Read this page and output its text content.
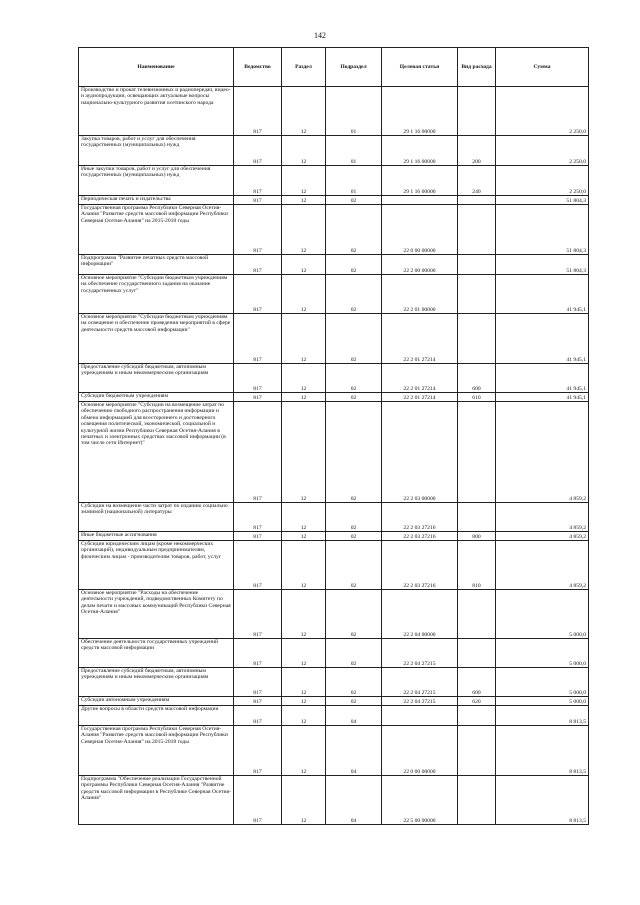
142
Наименование	Ведомство	Раздел	Подраздел	Целевая статья	Вид расхода	Сумма
Производство и прокат телевизионных и радиопередач, видео- и аудиопродукции, освещающих актуальные вопросы национально-культурного развития осетинского народа	817	12	01	29 1 16 00000		2 250,0
Закупка товаров, работ и услуг для обеспечения государственных (муниципальных) нужд	817	12	01	29 1 16 00000	200	2 250,0
Иные закупки товаров, работ и услуг для обеспечения государственных (муниципальных) нужд	817	12	01	29 1 16 00000	240	2 250,0
Периодическая печать и издательства	817	12	02			51 804,3
Государственная программа Республики Северная Осетия-Алания "Развитие средств массовой информации Республики Северная Осетия-Алания" на 2015-2018 годы	817	12	02	22 0 00 00000		51 804,3
Подпрограмма "Развитие печатных средств массовой информации"	817	12	02	22 2 00 00000		51 804,3
Основное мероприятие "Субсидии бюджетным учреждениям на обеспечение государственного задания на оказание государственных услуг"	817	12	02	22 2 01 00000		41 945,1
Основное мероприятие "Субсидии бюджетным учреждениям на освещение и обеспечение проведения мероприятий в сфере деятельности средств массовой информации"	817	12	02	22 2 01 27214		41 945,1
Предоставление субсидий бюджетным, автономным учреждениям и иным некоммерческим организациям	817	12	02	22 2 01 27214	600	41 945,1
Субсидии бюджетным учреждениям	817	12	02	22 2 01 27214	610	41 945,1
Основное мероприятие "Субсидии на возмещение затрат по обеспечению свободного распространения информации и обмена информацией для всестороннего и достоверного освещения политической, экономической, социальной и культурной жизни Республики Северная Осетия-Алания в печатных и электронных средствах массовой информации (в том числе сети Интернет)"	817	12	02	22 2 03 00000		4 859,2
Субсидии на возмещение части затрат по изданию социально значимой (национальной) литературы	817	12	02	22 2 03 27216		4 859,2
Иные бюджетные ассигнования	817	12	02	22 2 03 27216	800	4 859,2
Субсидии юридическим лицам (кроме некоммерческих организаций), индивидуальным предпринимателям, физическим лицам - производителям товаров, работ, услуг	817	12	02	22 2 03 27216	810	4 859,2
Основное мероприятие "Расходы на обеспечение деятельности учреждений, подведомственных Комитету по делам печати и массовых коммуникаций Республики Северная Осетия-Алания"	817	12	02	22 2 04 00000		5 000,0
Обеспечение деятельности государственных учреждений средств массовой информации	817	12	02	22 2 04 27215		5 000,0
Предоставление субсидий бюджетным, автономным учреждениям и иным некоммерческим организациям	817	12	02	22 2 04 27215	600	5 000,0
Субсидии автономным учреждениям	817	12	02	22 2 04 27215	620	5 000,0
Другие вопросы в области средств массовой информации	817	12	04			8 813,5
Государственная программа Республики Северная Осетия-Алания "Развитие средств массовой информации Республики Северная Осетия-Алания" на 2015-2018 годы	817	12	04	22 0 00 00000		8 813,5
Подпрограмма "Обеспечение реализации Государственной программы Республики Северная Осетия-Алания "Развитие средств массовой информации в Республике Северная Осетия-Алания"	817	12	04	22 5 00 00000		8 813,5
